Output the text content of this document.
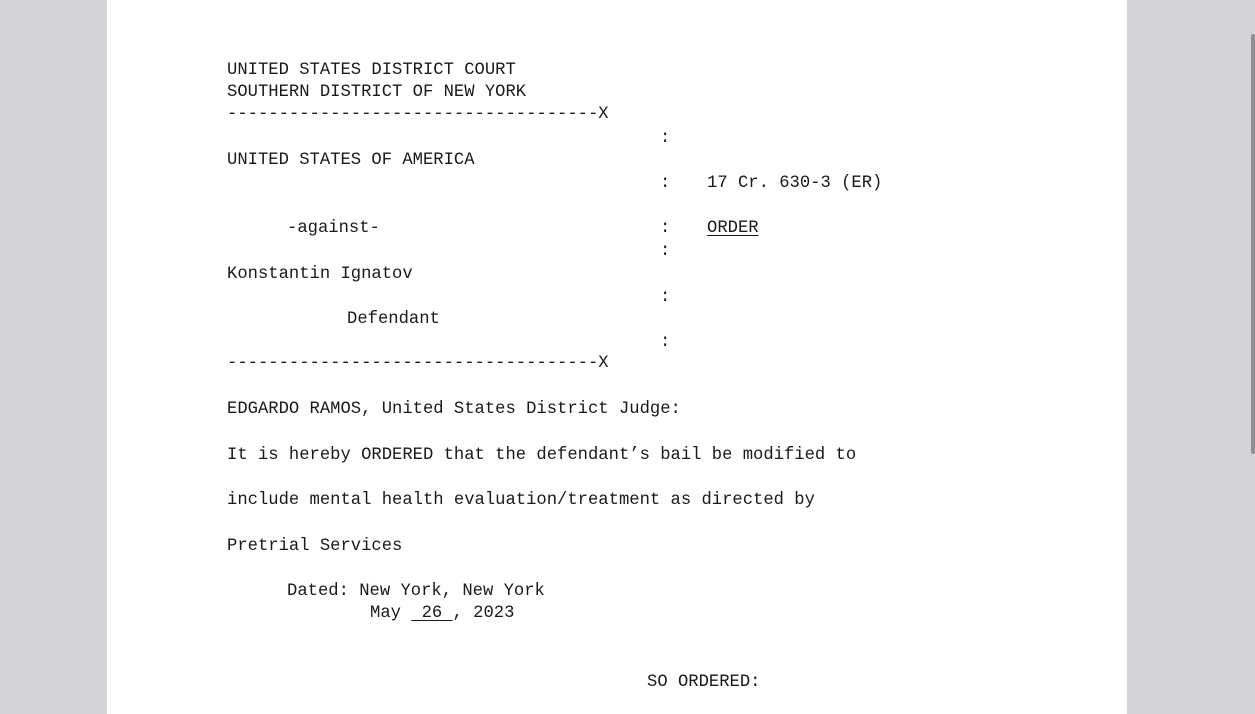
UNITED STATES DISTRICT COURT
SOUTHERN DISTRICT OF NEW YORK
------------------------------------X
:
UNITED STATES OF AMERICA
: 17 Cr. 630-3 (ER)
-against-	: ORDER
:
Konstantin Ignatov
:
Defendant
:
------------------------------------X
EDGARDO RAMOS, United States District Judge:
It is hereby ORDERED that the defendant’s bail be modified to
include mental health evaluation/treatment as directed by
Pretrial Services
Dated: New York, New York
May  26 , 2023
SO ORDERED:
